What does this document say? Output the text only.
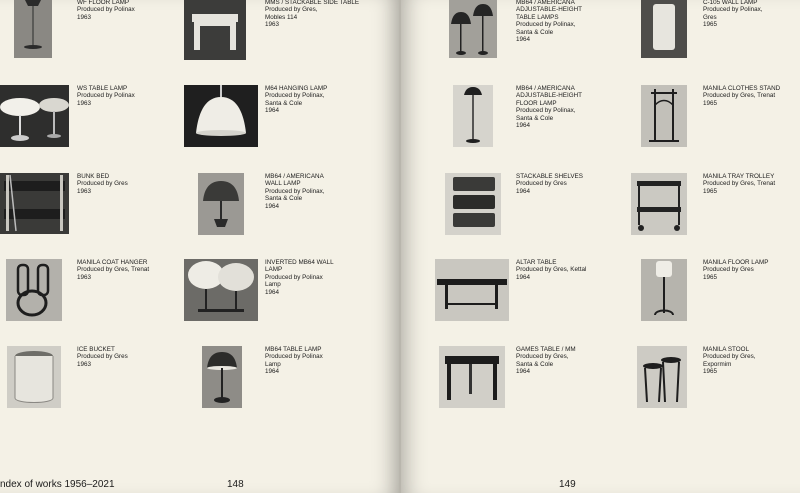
WF FLOOR LAMP
Produced by Polinax
1963
MMS / STACKABLE SIDE TABLE
Produced by Gres,
Mobles 114
1963
WS TABLE LAMP
Produced by Polinax
1963
M64 HANGING LAMP
Produced by Polinax,
Santa & Cole
1964
BUNK BED
Produced by Gres
1963
MB64 / AMERICANA
WALL LAMP
Produced by Polinax,
Santa & Cole
1964
MANILA COAT HANGER
Produced by Gres, Trenat
1963
INVERTED MB64 WALL
LAMP
Produced by Polinax
Lamp
1964
ICE BUCKET
Produced by Gres
1963
MB64 TABLE LAMP
Produced by Polinax
Lamp
1964
ndex of works 1956–2021	148
MB64 / AMERICANA
ADJUSTABLE-HEIGHT
TABLE LAMPS
Produced by Polinax,
Santa & Cole
1964
C-105 WALL LAMP
Produced by Polinax,
Gres
1965
MB64 / AMERICANA
ADJUSTABLE-HEIGHT
FLOOR LAMP
Produced by Polinax,
Santa & Cole
1964
MANILA CLOTHES STAND
Produced by Gres, Trenat
1965
STACKABLE SHELVES
Produced by Gres
1964
MANILA TRAY TROLLEY
Produced by Gres, Trenat
1965
ALTAR TABLE
Produced by Gres, Kettal
1964
MANILA FLOOR LAMP
Produced by Gres
1965
GAMES TABLE / MM
Produced by Gres,
Santa & Cole
1964
MANILA STOOL
Produced by Gres,
Expormim
1965
149
